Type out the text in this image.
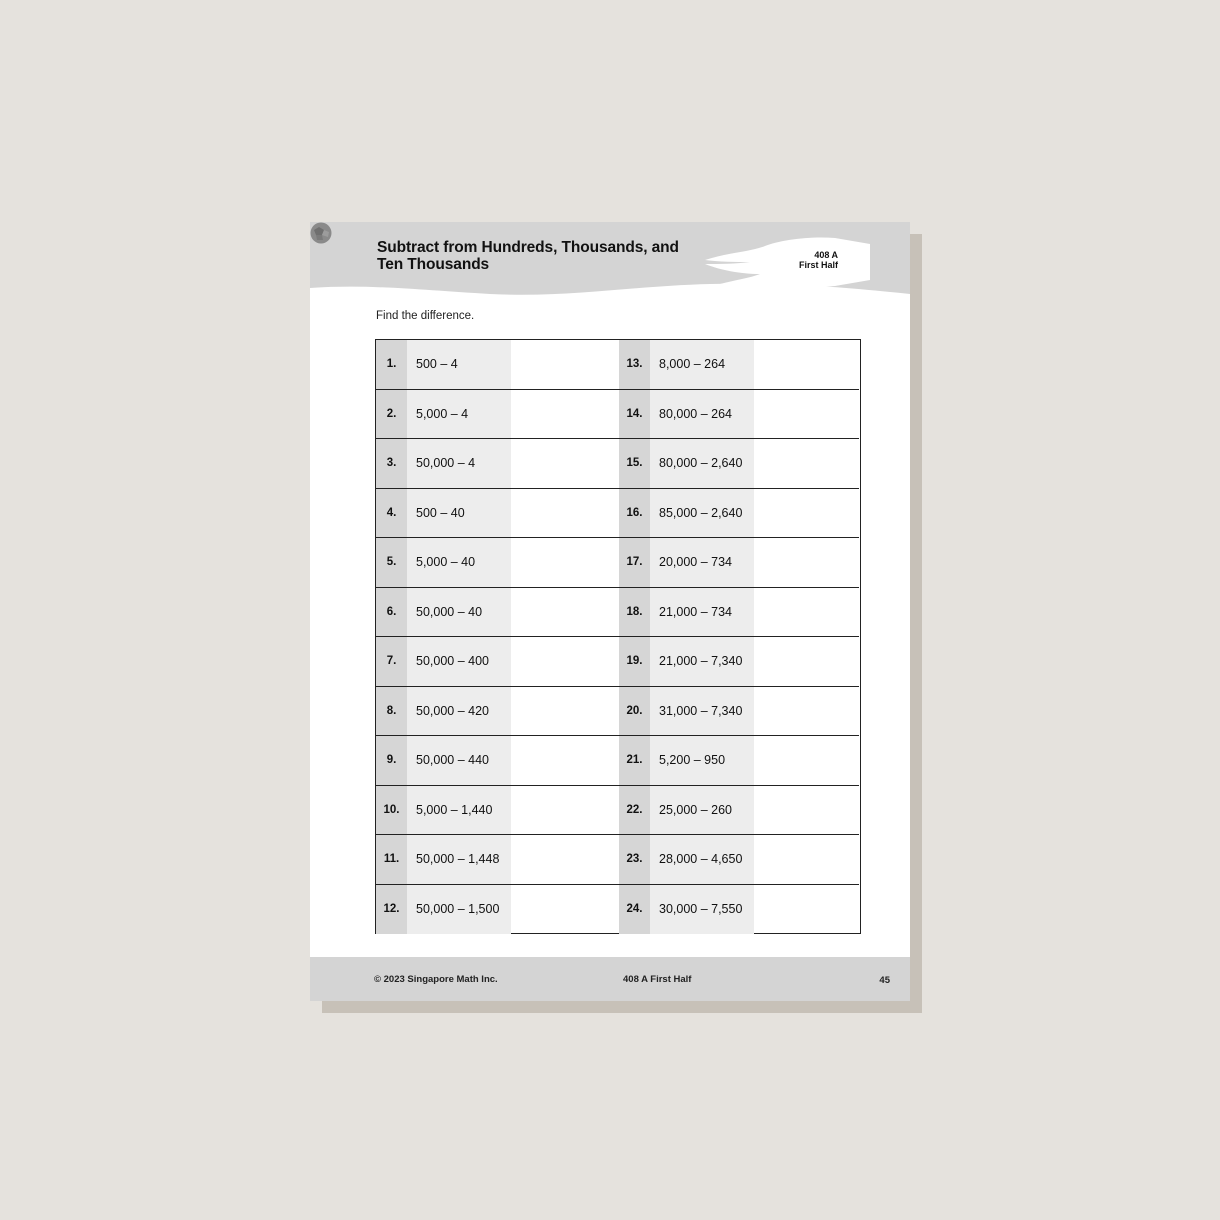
Subtract from Hundreds, Thousands, and
Ten Thousands
408 A
First Half
Find the difference.
1.	500 – 4	13.	8,000 – 264
2.	5,000 – 4	14.	80,000 – 264
3.	50,000 – 4	15.	80,000 – 2,640
4.	500 – 40	16.	85,000 – 2,640
5.	5,000 – 40	17.	20,000 – 734
6.	50,000 – 40	18.	21,000 – 734
7.	50,000 – 400	19.	21,000 – 7,340
8.	50,000 – 420	20.	31,000 – 7,340
9.	50,000 – 440	21.	5,200 – 950
10.	5,000 – 1,440	22.	25,000 – 260
11.	50,000 – 1,448	23.	28,000 – 4,650
12.	50,000 – 1,500	24.	30,000 – 7,550
© 2023 Singapore Math Inc.	408 A First Half	45
